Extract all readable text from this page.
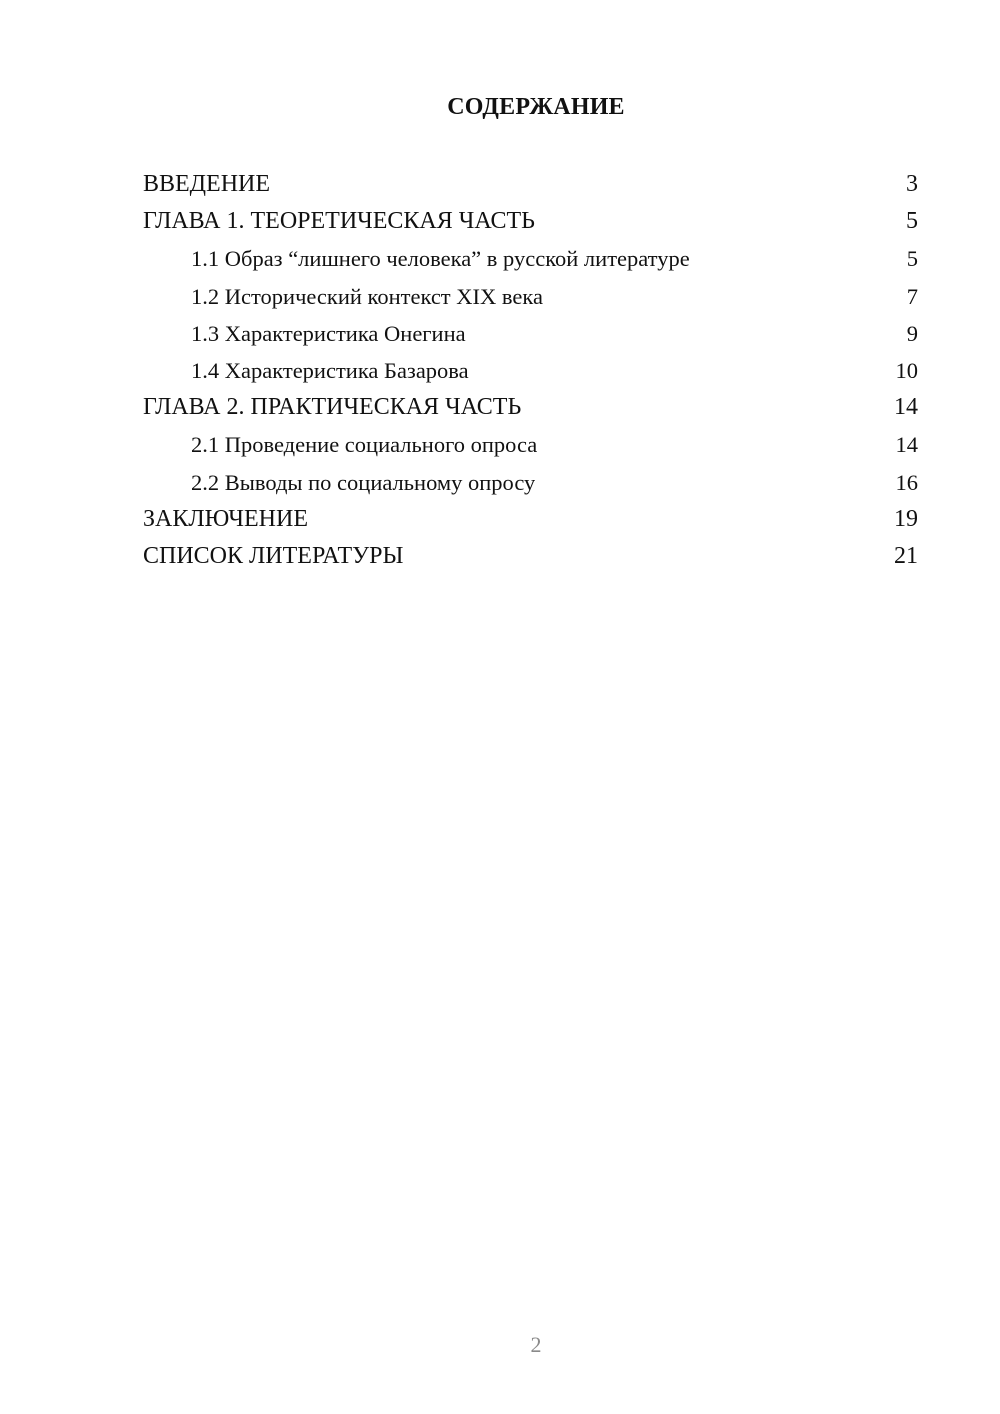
СОДЕРЖАНИЕ
ВВЕДЕНИЕ	3
ГЛАВА 1. ТЕОРЕТИЧЕСКАЯ ЧАСТЬ	5
1.1 Образ “лишнего человека” в русской литературе	5
1.2 Исторический контекст XIX века	7
1.3 Характеристика Онегина	9
1.4 Характеристика Базарова	10
ГЛАВА 2. ПРАКТИЧЕСКАЯ ЧАСТЬ	14
2.1 Проведение социального опроса	14
2.2 Выводы по социальному опросу	16
ЗАКЛЮЧЕНИЕ	19
СПИСОК ЛИТЕРАТУРЫ	21
2
